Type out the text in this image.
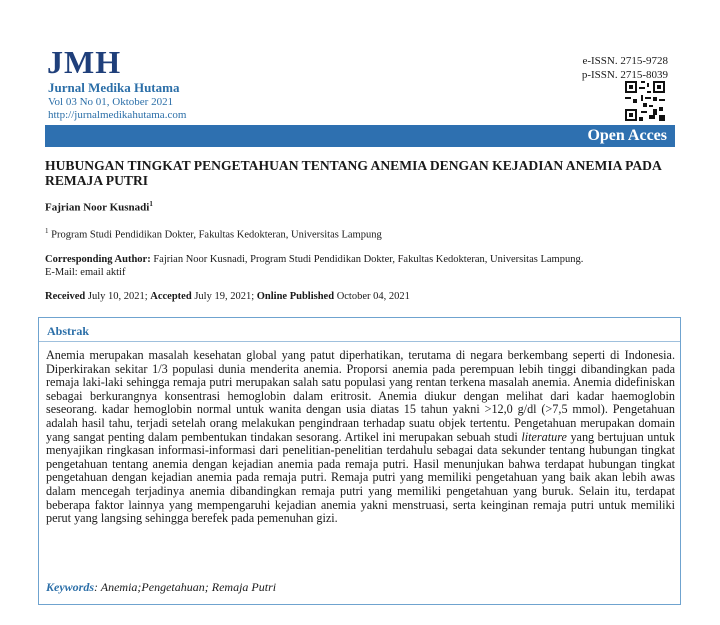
JMH
Jurnal Medika Hutama
Vol 03 No 01, Oktober 2021
http://jurnalmedikahutama.com
e-ISSN. 2715-9728
p-ISSN. 2715-8039
Open Acces
HUBUNGAN TINGKAT PENGETAHUAN TENTANG ANEMIA DENGAN KEJADIAN ANEMIA PADA REMAJA PUTRI
Fajrian Noor Kusnadi$^1$
$^1$ Program Studi Pendidikan Dokter, Fakultas Kedokteran, Universitas Lampung
Corresponding Author: Fajrian Noor Kusnadi, Program Studi Pendidikan Dokter, Fakultas Kedokteran, Universitas Lampung.
E-Mail: email aktif
Received July 10, 2021; Accepted July 19, 2021; Online Published October 04, 2021
Abstrak
Anemia merupakan masalah kesehatan global yang patut diperhatikan, terutama di negara berkembang seperti di Indonesia. Diperkirakan sekitar 1/3 populasi dunia menderita anemia. Proporsi anemia pada perempuan lebih tinggi dibandingkan pada remaja laki-laki sehingga remaja putri merupakan salah satu populasi yang rentan terkena masalah anemia. Anemia didefiniskan sebagai berkurangnya konsentrasi hemoglobin dalam eritrosit. Anemia diukur dengan melihat dari kadar haemoglobin seseorang. kadar hemoglobin normal untuk wanita dengan usia diatas 15 tahun yakni >12,0 g/dl (>7,5 mmol). Pengetahuan adalah hasil tahu, terjadi setelah orang melakukan pengindraan terhadap suatu objek tertentu. Pengetahuan merupakan domain yang sangat penting dalam pembentukan tindakan sesorang. Artikel ini merupakan sebuah studi literature yang bertujuan untuk menyajikan ringkasan informasi-informasi dari penelitian-penelitian terdahulu sebagai data sekunder tentang hubungan tingkat pengetahuan tentang anemia dengan kejadian anemia pada remaja putri. Hasil menunjukan bahwa terdapat hubungan tingkat pengetahuan dengan kejadian anemia pada remaja putri. Remaja putri yang memiliki pengetahuan yang baik akan lebih awas dalam mencegah terjadinya anemia dibandingkan remaja putri yang memiliki pengetahuan yang buruk. Selain itu, terdapat beberapa faktor lainnya yang mempengaruhi kejadian anemia yakni menstruasi, serta keinginan remaja putri untuk memiliki perut yang langsing sehingga berefek pada pemenuhan gizi.
Keywords: Anemia;Pengetahuan; Remaja Putri
